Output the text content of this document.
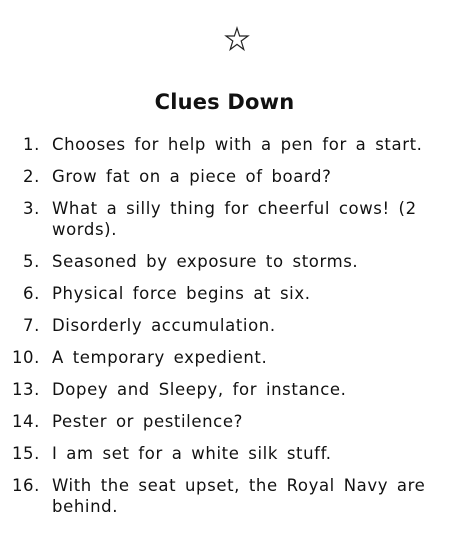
Clues Down
1. Chooses for help with a pen for a start.
2. Grow fat on a piece of board?
3. What a silly thing for cheerful cows! (2 words).
5. Seasoned by exposure to storms.
6. Physical force begins at six.
7. Disorderly accumulation.
10. A temporary expedient.
13. Dopey and Sleepy, for instance.
14. Pester or pestilence?
15. I am set for a white silk stuff.
16. With the seat upset, the Royal Navy are behind.
